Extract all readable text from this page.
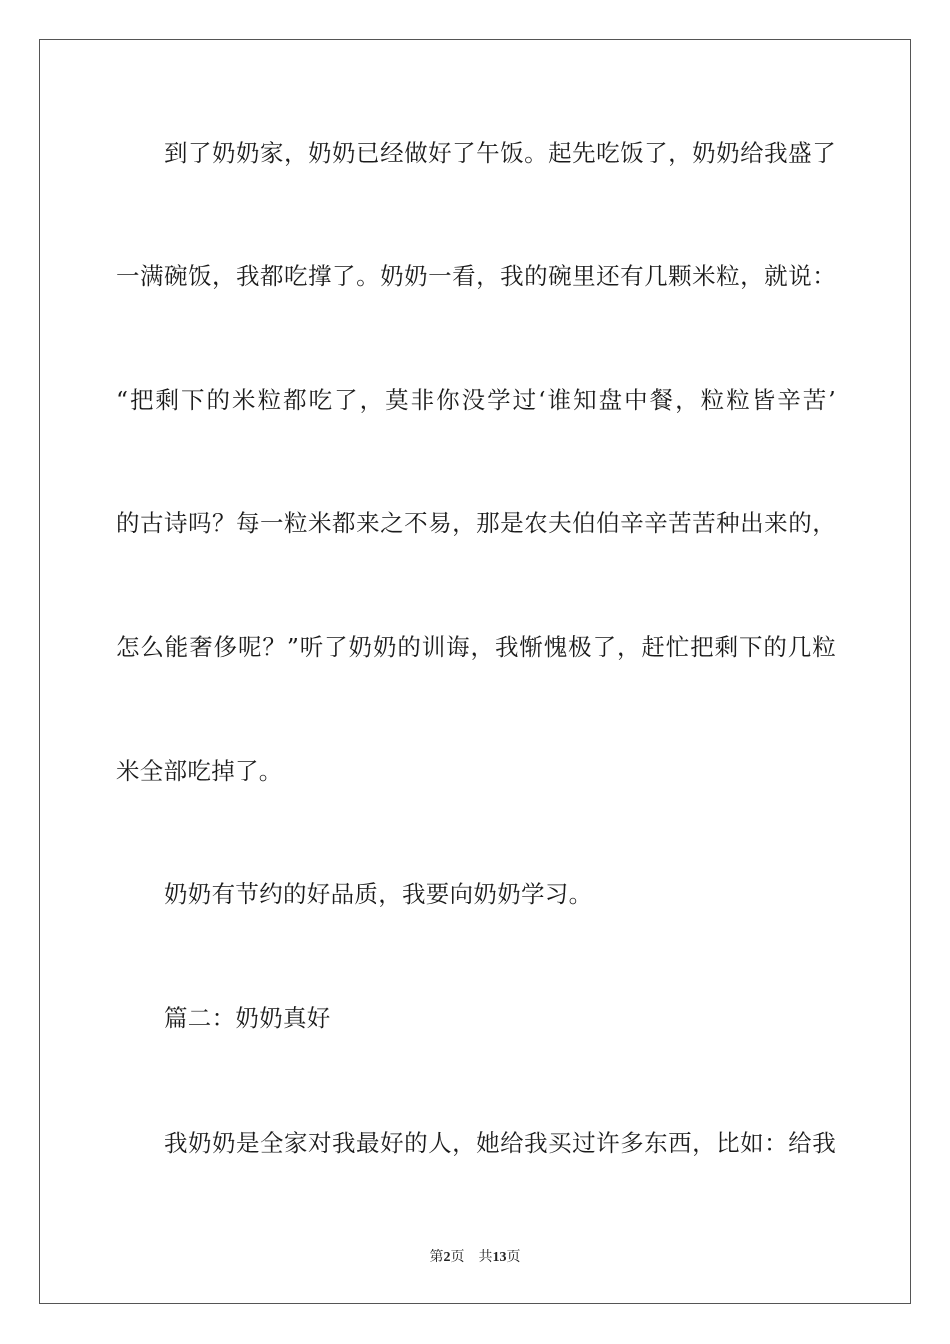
到了奶奶家，奶奶已经做好了午饭。起先吃饭了，奶奶给我盛了
一满碗饭，我都吃撑了。奶奶一看，我的碗里还有几颗米粒，就说：
“把剩下的米粒都吃了，莫非你没学过‘谁知盘中餐，粒粒皆辛苦’
的古诗吗？每一粒米都来之不易，那是农夫伯伯辛辛苦苦种出来的，
怎么能奢侈呢？”听了奶奶的训诲，我惭愧极了，赶忙把剩下的几粒
米全部吃掉了。
奶奶有节约的好品质，我要向奶奶学习。
篇二：奶奶真好
我奶奶是全家对我最好的人，她给我买过许多东西，比如：给我
第2页 共13页
